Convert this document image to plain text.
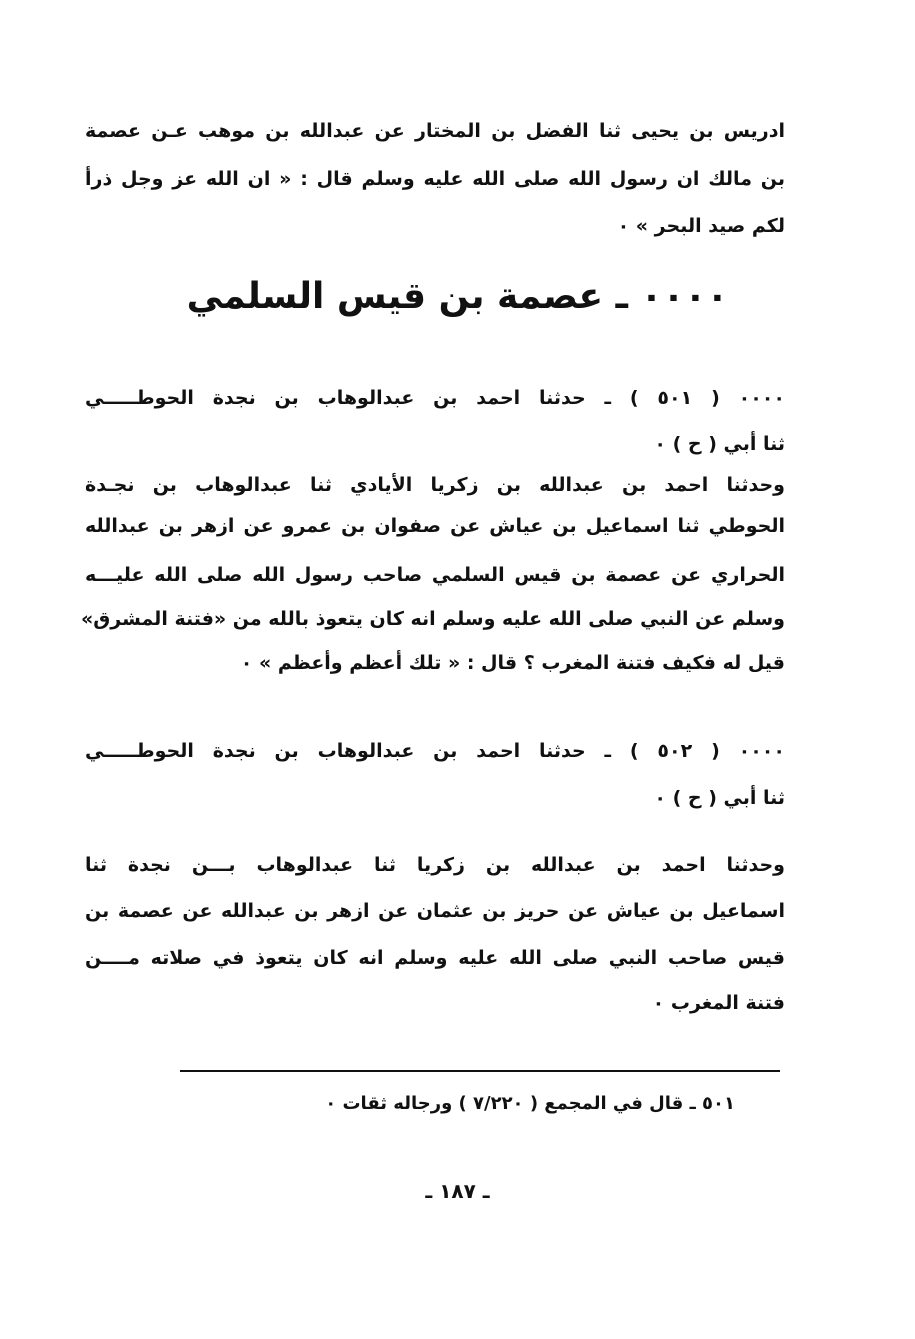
ادريس بن يحيى ثنا الفضل بن المختار عن عبدالله بن موهب عـن عصمة
بن مالك ان رسول الله صلى الله عليه وسلم قال : « ان الله عز وجل ذرأ
لكم صيد البحر » ٠
٠٠٠٠ ـ عصمة بن قيس السلمي
٠٠٠٠ ( ٥٠١ ) ـ حدثنا احمد بن عبدالوهاب بن نجدة الحوطـــــي
ثنا أبي ( ح ) ٠
وحدثنا احمد بن عبدالله بن زكريا الأيادي ثنا عبدالوهاب بن نجـدة
الحوطي ثنا اسماعيل بن عياش عن صفوان بن عمرو عن ازهر بن عبدالله
الحراري عن عصمة بن قيس السلمي صاحب رسول الله صلى الله عليـــه
وسلم عن النبي صلى الله عليه وسلم انه كان يتعوذ بالله من «فتنة المشرق»
قيل له فكيف فتنة المغرب ؟ قال : « تلك أعظم وأعظم » ٠
٠٠٠٠ ( ٥٠٢ ) ـ حدثنا احمد بن عبدالوهاب بن نجدة الحوطـــــي
ثنا أبي ( ح ) ٠
وحدثنا احمد بن عبدالله بن زكريا ثنا عبدالوهاب بـــن نجدة ثنا
اسماعيل بن عياش عن حريز بن عثمان عن ازهر بن عبدالله عن عصمة بن
قيس صاحب النبي صلى الله عليه وسلم انه كان يتعوذ في صلاته مــــن
فتنة المغرب ٠
٥٠١ ـ قال في المجمع ( ٧/٢٢٠ ) ورجاله ثقات ٠
ـ ١٨٧ ـ
